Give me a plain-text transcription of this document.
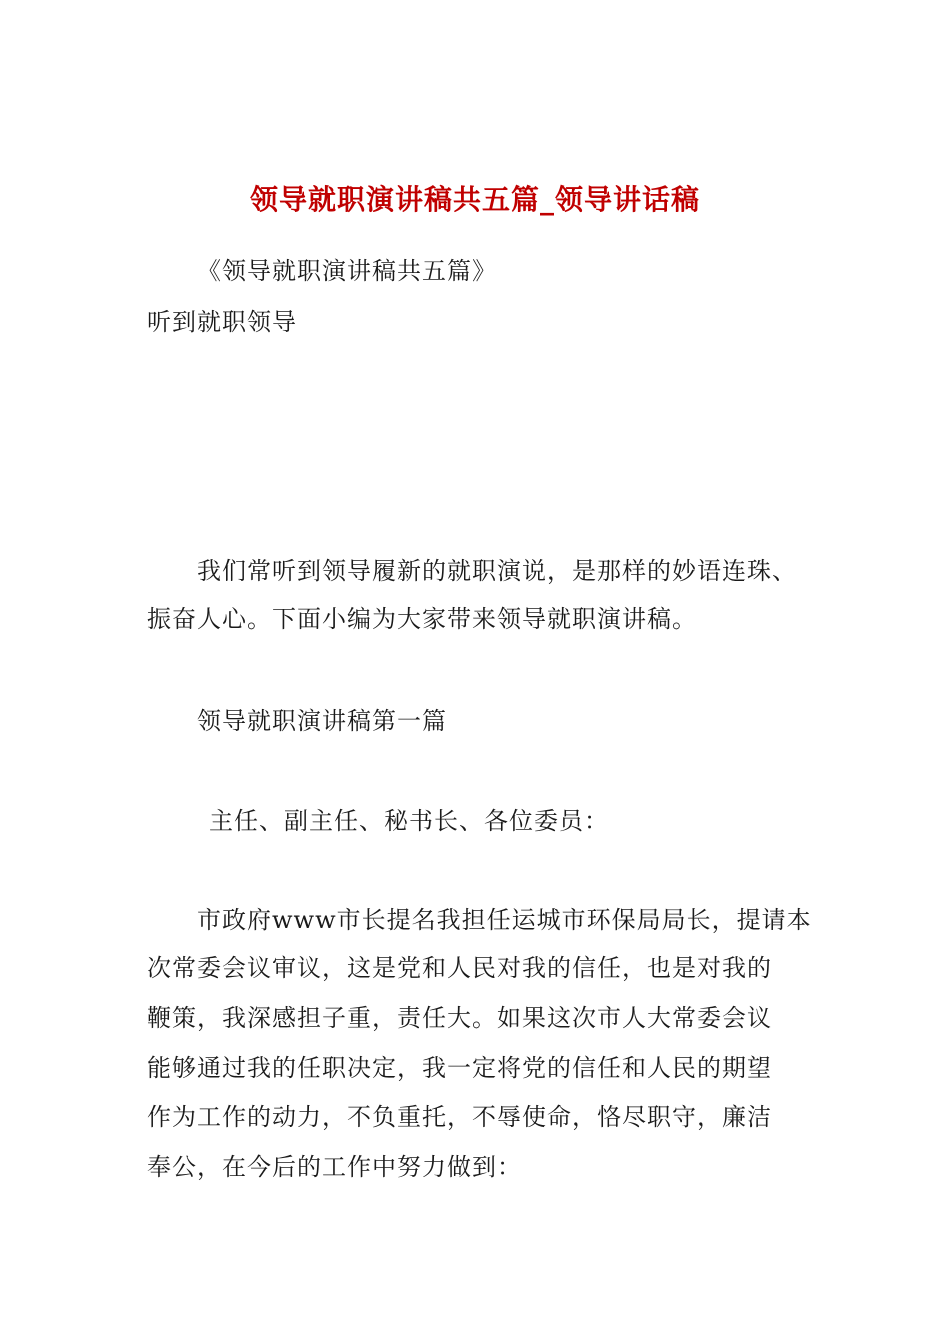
领导就职演讲稿共五篇_领导讲话稿
《领导就职演讲稿共五篇》
听到就职领导
我们常听到领导履新的就职演说，是那样的妙语连珠、
振奋人心。下面小编为大家带来领导就职演讲稿。
领导就职演讲稿第一篇
主任、副主任、秘书长、各位委员：
市政府www市长提名我担任运城市环保局局长，提请本
次常委会议审议，这是党和人民对我的信任，也是对我的
鞭策，我深感担子重，责任大。如果这次市人大常委会议
能够通过我的任职决定，我一定将党的信任和人民的期望
作为工作的动力，不负重托，不辱使命，恪尽职守，廉洁
奉公，在今后的工作中努力做到：
